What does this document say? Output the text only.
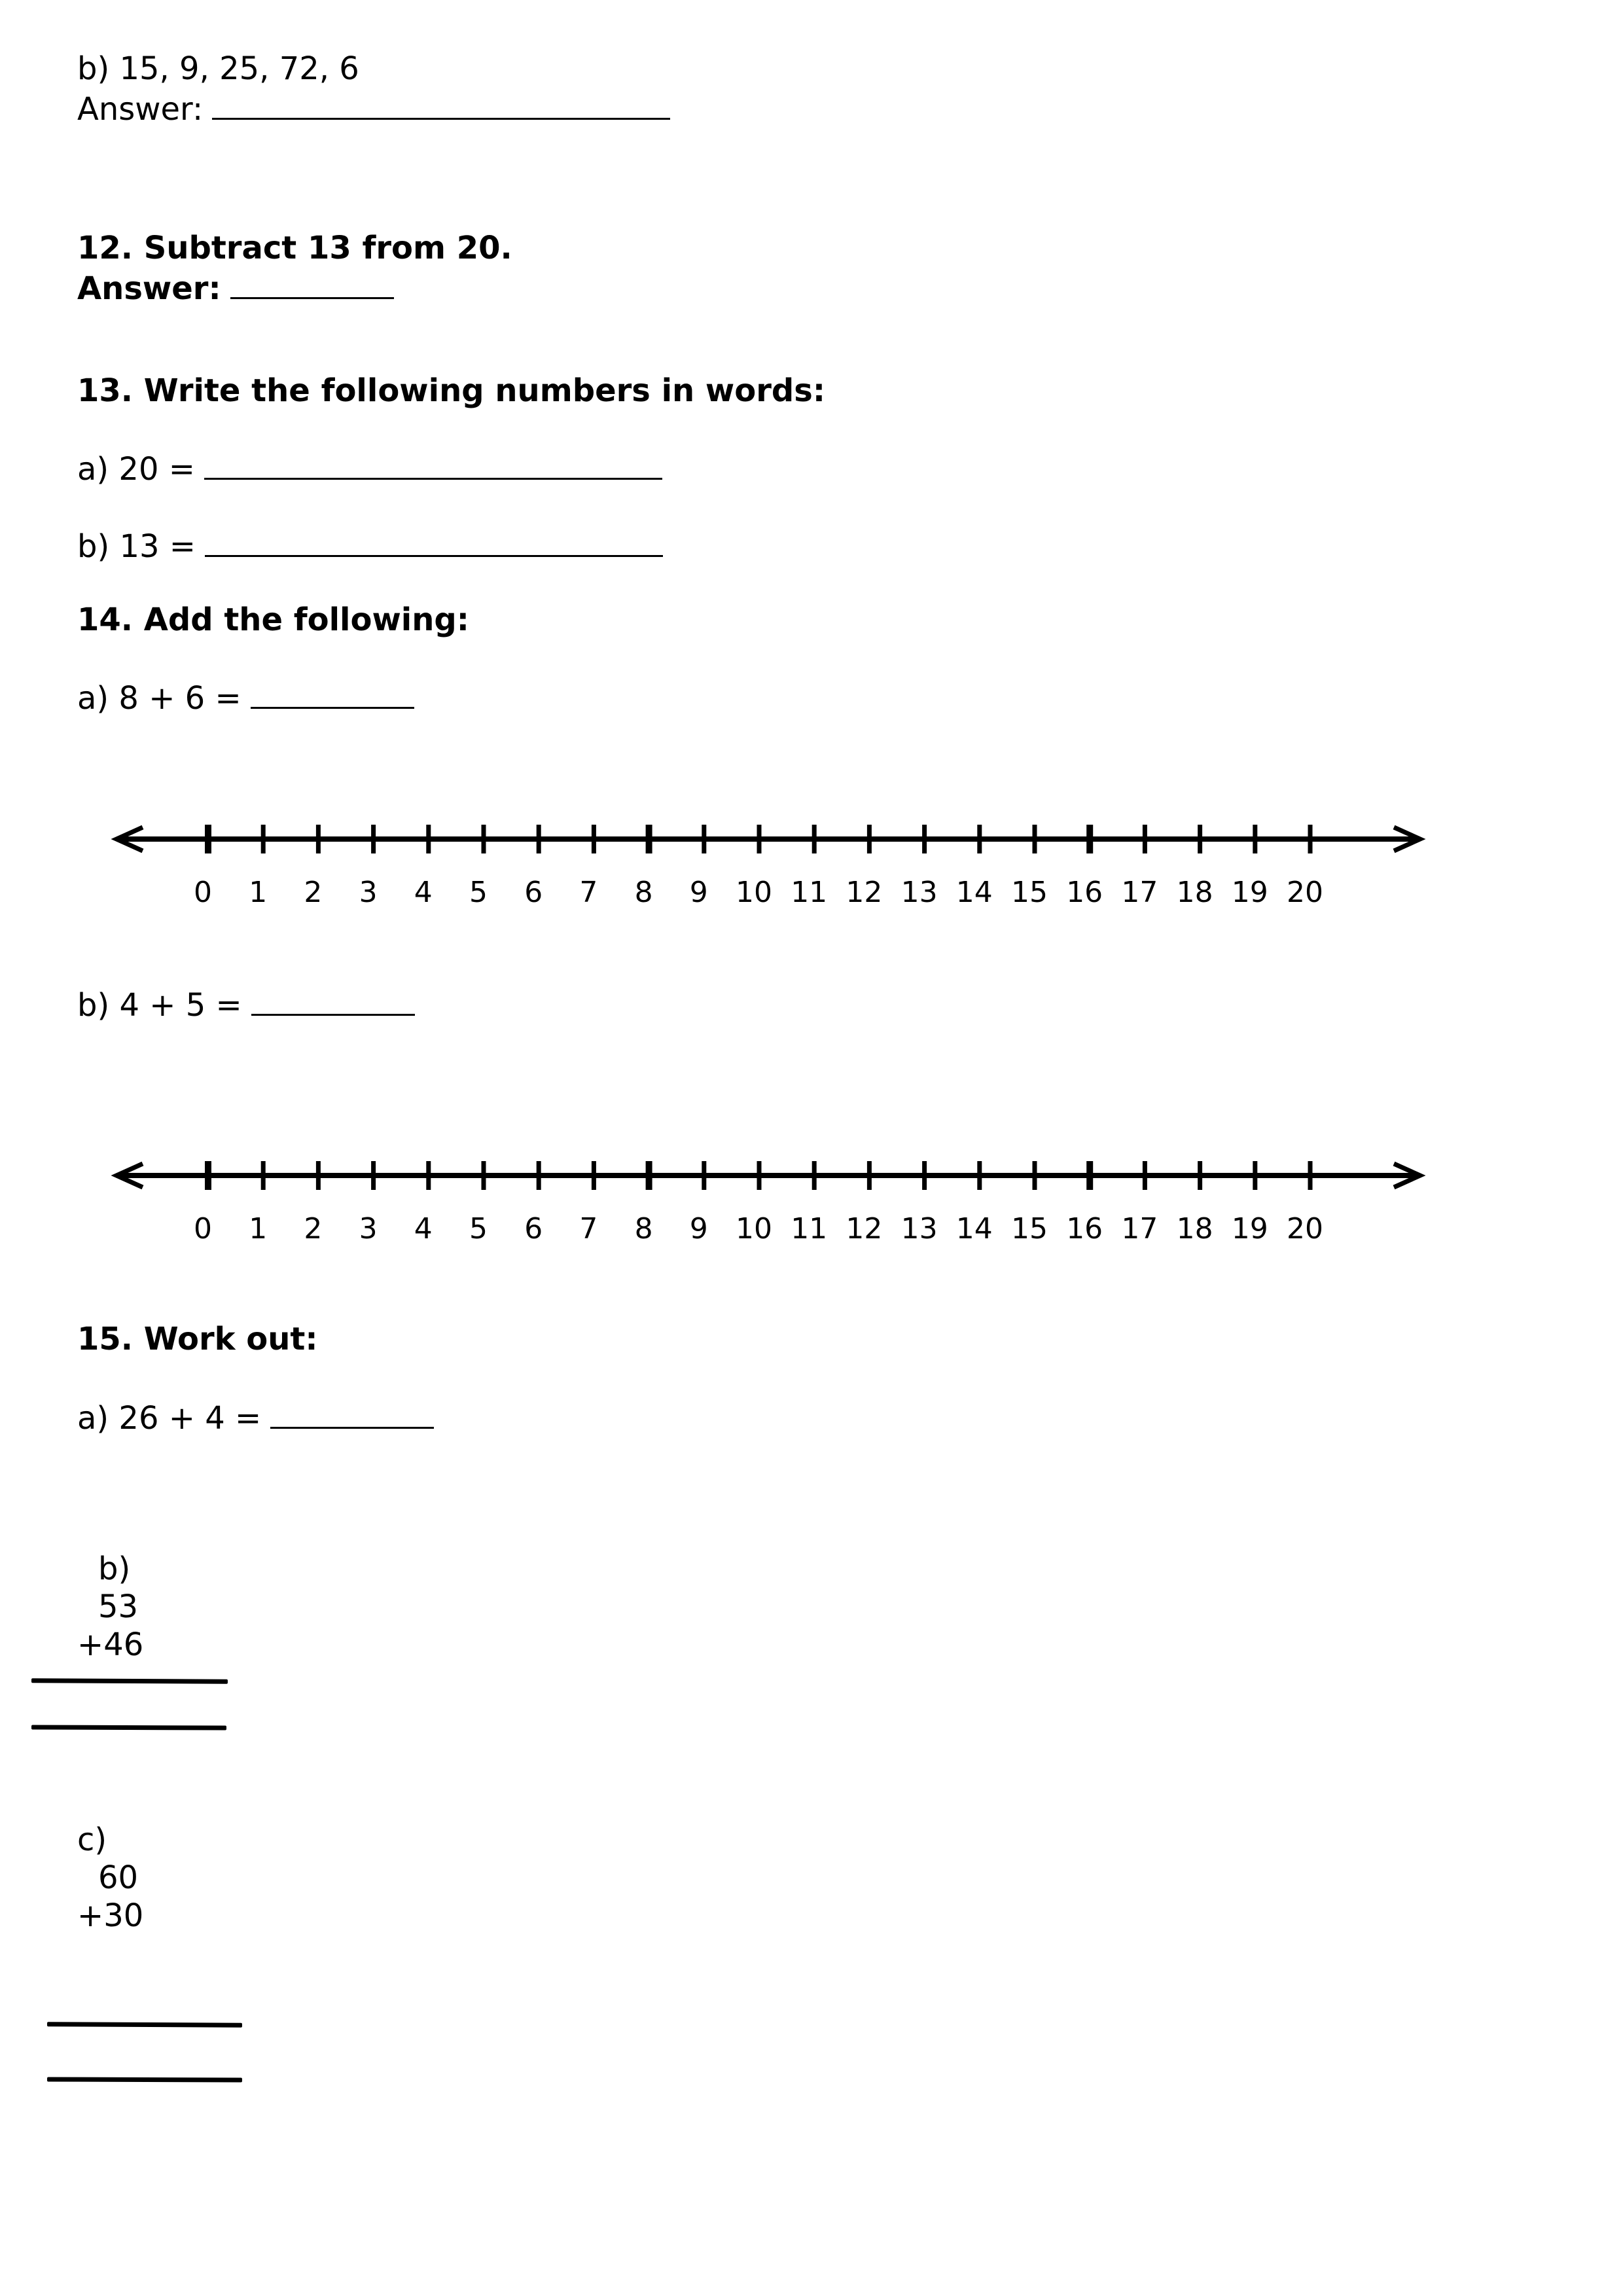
b) 15, 9, 25, 72, 6
Answer:
12. Subtract 13 from 20.
Answer:
13. Write the following numbers in words:
a) 20 =
b) 13 =
14. Add the following:
a) 8 + 6 =
0 1 2 3 4 5 6 7 8 9 10 11 12 13 14 15 16 17 18 19 20
b) 4 + 5 =
0 1 2 3 4 5 6 7 8 9 10 11 12 13 14 15 16 17 18 19 20
15. Work out:
a) 26 + 4 =
b)
53
+46
c)
60
+30
